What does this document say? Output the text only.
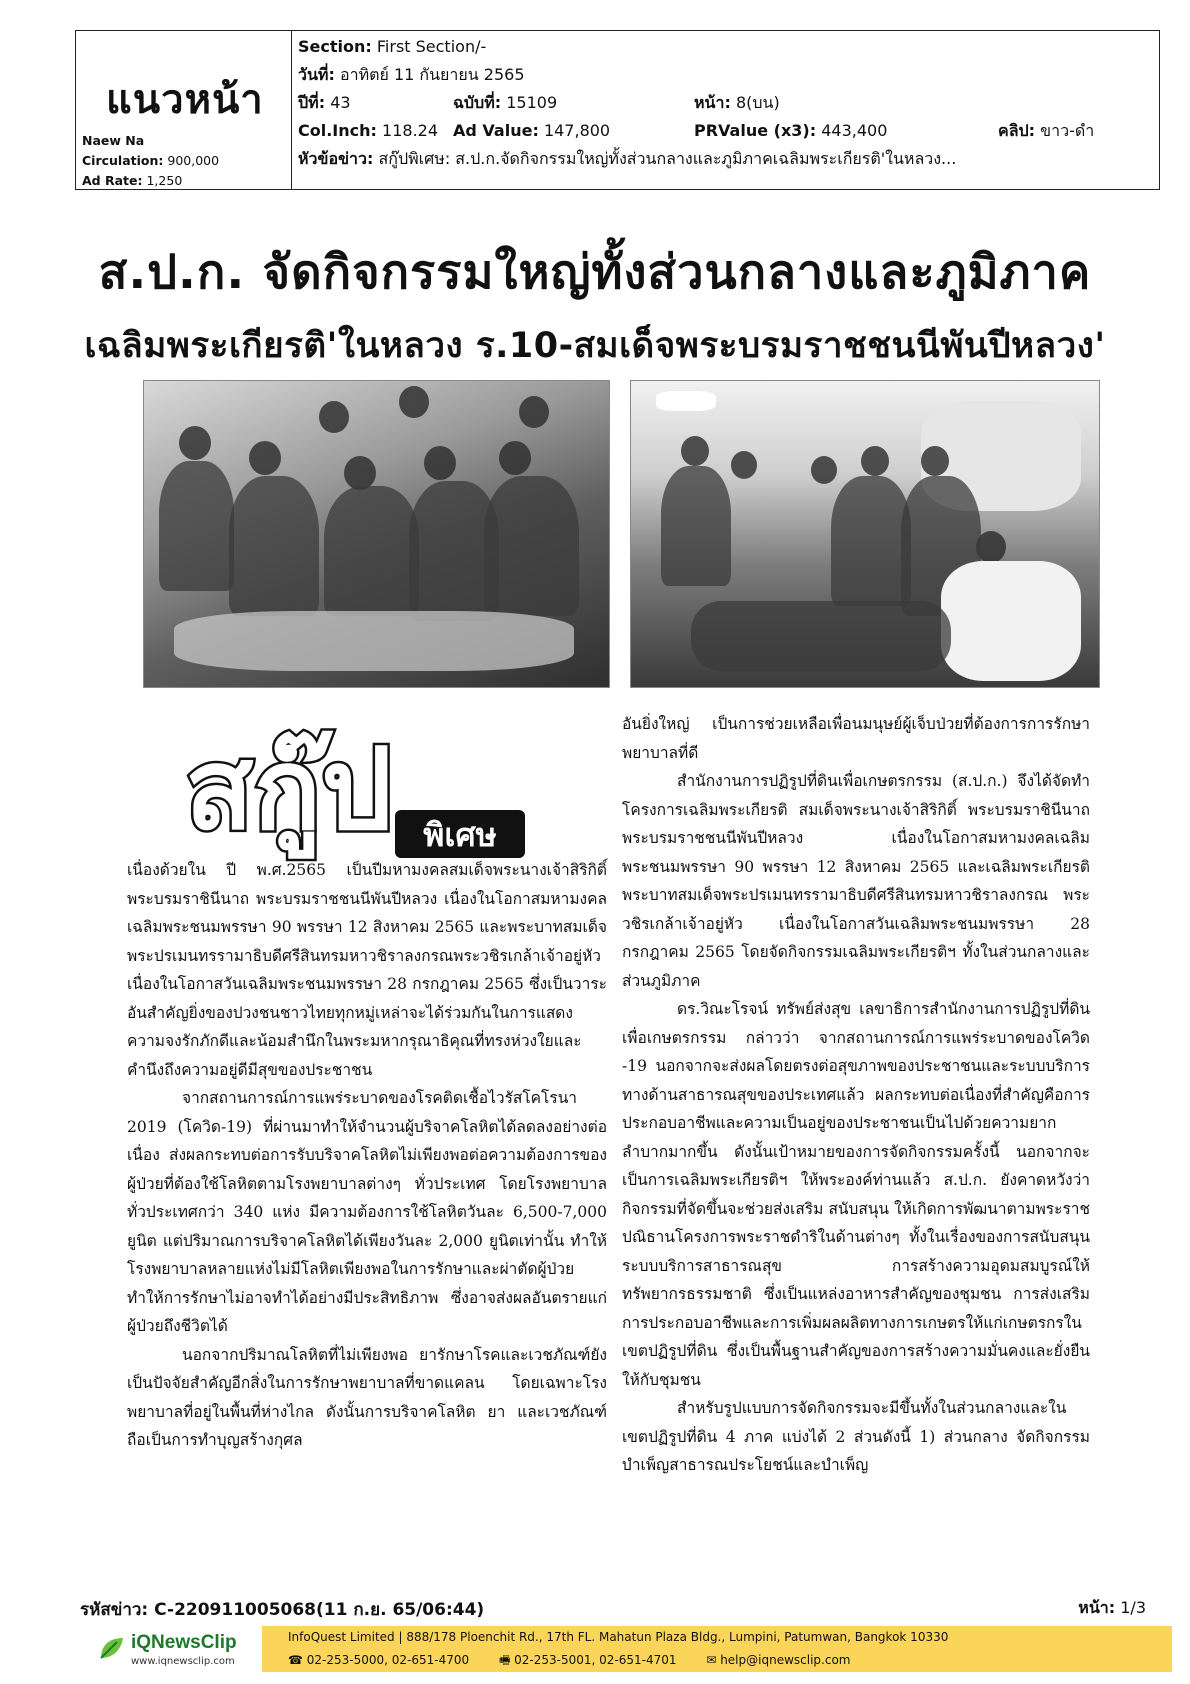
แนวหน้า
Naew Na
Circulation: 900,000
Ad Rate: 1,250
Section: First Section/-
วันที่: อาทิตย์ 11 กันยายน 2565
ปีที่: 43	ฉบับที่: 15109	หน้า: 8(บน)
Col.Inch: 118.24 Ad Value: 147,800	PRValue (x3): 443,400	คลิป: ขาว-ดำ
หัวข้อข่าว: สกู๊ปพิเศษ: ส.ป.ก.จัดกิจกรรมใหญ่ทั้งส่วนกลางและภูมิภาคเฉลิมพระเกียรติ'ในหลวง...
ส.ป.ก. จัดกิจกรรมใหญ่ทั้งส่วนกลางและภูมิภาค
เฉลิมพระเกียรติ'ในหลวง ร.10-สมเด็จพระบรมราชชนนีพันปีหลวง'
สกู๊ป พิเศษ

เนื่องด้วยใน ปี พ.ศ.2565 เป็นปีมหามงคลสมเด็จพระนางเจ้าสิริกิติ์ พระบรมราชินีนาถ พระบรมราชชนนีพันปีหลวง เนื่องในโอกาสมหามงคลเฉลิมพระชนมพรรษา 90 พรรษา 12 สิงหาคม 2565 และพระบาทสมเด็จพระปรเมนทรรามาธิบดีศรีสินทรมหาวชิราลงกรณพระวชิรเกล้าเจ้าอยู่หัว เนื่องในโอกาสวันเฉลิมพระชนมพรรษา 28 กรกฎาคม 2565 ซึ่งเป็นวาระอันสำคัญยิ่งของปวงชนชาวไทยทุกหมู่เหล่าจะได้ร่วมกันในการแสดงความจงรักภักดีและน้อมสำนึกในพระมหากรุณาธิคุณที่ทรงห่วงใยและคำนึงถึงความอยู่ดีมีสุขของประชาชน

จากสถานการณ์การแพร่ระบาดของโรคติดเชื้อไวรัสโคโรนา 2019 (โควิด-19) ที่ผ่านมาทำให้จำนวนผู้บริจาคโลหิตได้ลดลงอย่างต่อเนื่อง ส่งผลกระทบต่อการรับบริจาคโลหิตไม่เพียงพอต่อความต้องการของผู้ป่วยที่ต้องใช้โลหิตตามโรงพยาบาลต่างๆ ทั่วประเทศ โดยโรงพยาบาลทั่วประเทศกว่า 340 แห่ง มีความต้องการใช้โลหิตวันละ 6,500-7,000 ยูนิต แต่ปริมาณการบริจาคโลหิตได้เพียงวันละ 2,000 ยูนิตเท่านั้น ทำให้โรงพยาบาลหลายแห่งไม่มีโลหิตเพียงพอในการรักษาและผ่าตัดผู้ป่วย ทำให้การรักษาไม่อาจทำได้อย่างมีประสิทธิภาพ ซึ่งอาจส่งผลอันตรายแก่ผู้ป่วยถึงชีวิตได้

นอกจากปริมาณโลหิตที่ไม่เพียงพอ ยารักษาโรคและเวชภัณฑ์ยังเป็นปัจจัยสำคัญอีกสิ่งในการรักษาพยาบาลที่ขาดแคลน โดยเฉพาะโรงพยาบาลที่อยู่ในพื้นที่ห่างไกล ดังนั้นการบริจาคโลหิต ยา และเวชภัณฑ์ ถือเป็นการทำบุญสร้างกุศล

อันยิ่งใหญ่ เป็นการช่วยเหลือเพื่อนมนุษย์ผู้เจ็บป่วยที่ต้องการการรักษาพยาบาลที่ดี

สำนักงานการปฏิรูปที่ดินเพื่อเกษตรกรรม (ส.ป.ก.) จึงได้จัดทำโครงการเฉลิมพระเกียรติ สมเด็จพระนางเจ้าสิริกิติ์ พระบรมราชินีนาถ พระบรมราชชนนีพันปีหลวง เนื่องในโอกาสมหามงคลเฉลิมพระชนมพรรษา 90 พรรษา 12 สิงหาคม 2565 และเฉลิมพระเกียรติพระบาทสมเด็จพระปรเมนทรรามาธิบดีศรีสินทรมหาวชิราลงกรณ พระวชิรเกล้าเจ้าอยู่หัว เนื่องในโอกาสวันเฉลิมพระชนมพรรษา 28 กรกฎาคม 2565 โดยจัดกิจกรรมเฉลิมพระเกียรติฯ ทั้งในส่วนกลางและส่วนภูมิภาค

ดร.วิณะโรจน์ ทรัพย์ส่งสุข เลขาธิการสำนักงานการปฏิรูปที่ดินเพื่อเกษตรกรรม กล่าวว่า จากสถานการณ์การแพร่ระบาดของโควิด -19 นอกจากจะส่งผลโดยตรงต่อสุขภาพของประชาชนและระบบบริการทางด้านสาธารณสุขของประเทศแล้ว ผลกระทบต่อเนื่องที่สำคัญคือการประกอบอาชีพและความเป็นอยู่ของประชาชนเป็นไปด้วยความยากลำบากมากขึ้น ดังนั้นเป้าหมายของการจัดกิจกรรมครั้งนี้ นอกจากจะเป็นการเฉลิมพระเกียรติฯ ให้พระองค์ท่านแล้ว ส.ป.ก. ยังคาดหวังว่ากิจกรรมที่จัดขึ้นจะช่วยส่งเสริม สนับสนุน ให้เกิดการพัฒนาตามพระราชปณิธานโครงการพระราชดำริในด้านต่างๆ ทั้งในเรื่องของการสนับสนุนระบบบริการสาธารณสุข การสร้างความอุดมสมบูรณ์ให้ทรัพยากรธรรมชาติ ซึ่งเป็นแหล่งอาหารสำคัญของชุมชน การส่งเสริมการประกอบอาชีพและการเพิ่มผลผลิตทางการเกษตรให้แก่เกษตรกรในเขตปฏิรูปที่ดิน ซึ่งเป็นพื้นฐานสำคัญของการสร้างความมั่นคงและยั่งยืนให้กับชุมชน

สำหรับรูปแบบการจัดกิจกรรมจะมีขึ้นทั้งในส่วนกลางและในเขตปฏิรูปที่ดิน 4 ภาค แบ่งได้ 2 ส่วนดังนี้ 1) ส่วนกลาง จัดกิจกรรมบำเพ็ญสาธารณประโยชน์และบำเพ็ญ

รหัสข่าว: C-220911005068(11 ก.ย. 65/06:44)	หน้า: 1/3
iQNewsClip
www.iqnewsclip.com
InfoQuest Limited | 888/178 Ploenchit Rd., 17th FL. Mahatun Plaza Bldg., Lumpini, Patumwan, Bangkok 10330
☎ 02-253-5000, 02-651-4700 🖷 02-253-5001, 02-651-4701 ✉ help@iqnewsclip.com
